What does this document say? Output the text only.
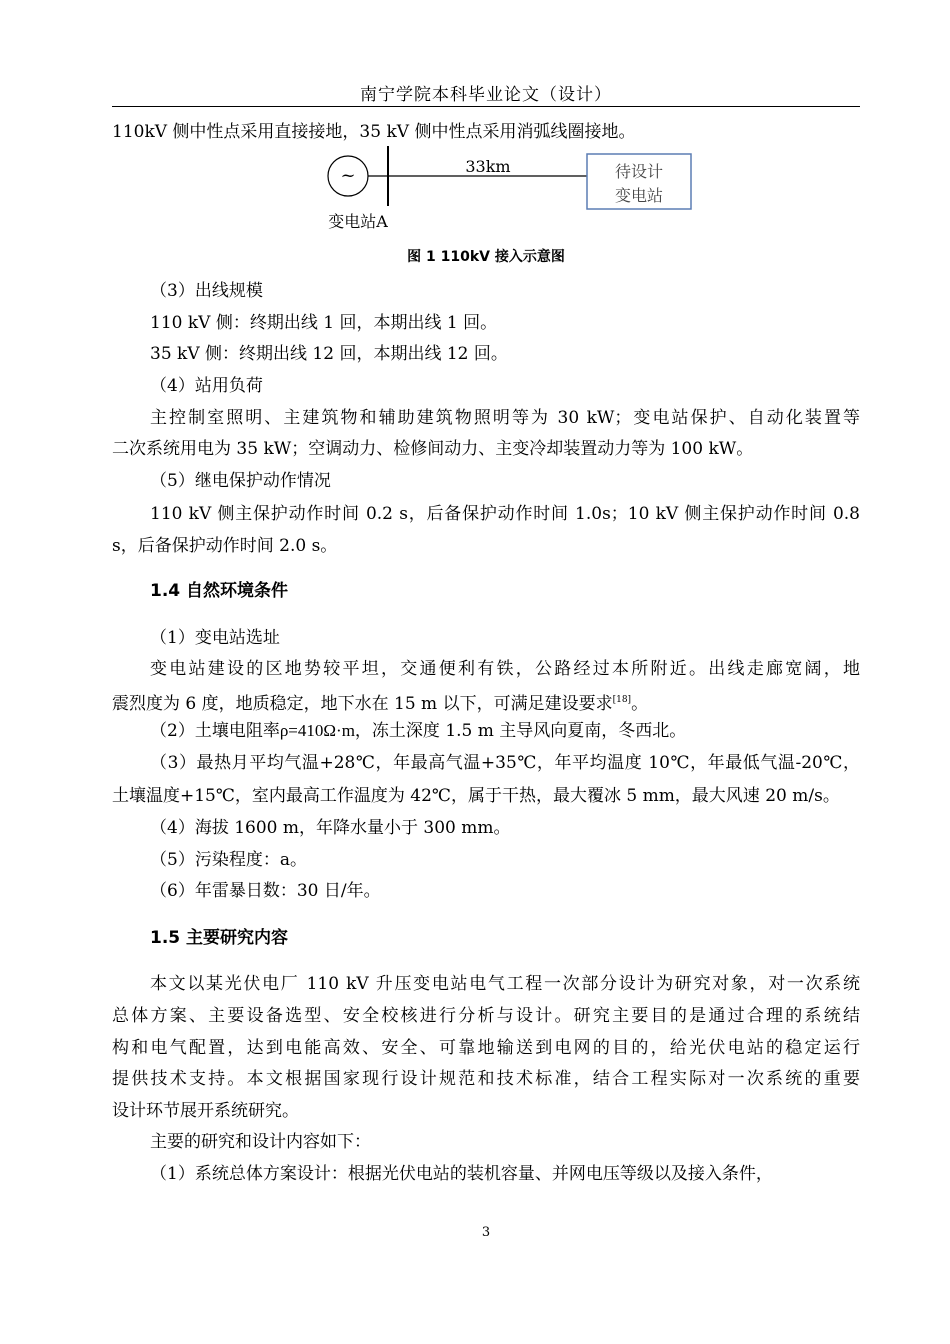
南宁学院本科毕业论文（设计）
110kV 侧中性点采用直接接地，35 kV 侧中性点采用消弧线圈接地。
~	33km	待设计
变电站
变电站A
图 1 110kV 接入示意图
（3）出线规模
110 kV 侧：终期出线 1 回，本期出线 1 回。
35 kV 侧：终期出线 12 回，本期出线 12 回。
（4）站用负荷
主控制室照明、主建筑物和辅助建筑物照明等为 30 kW；变电站保护、自动化装置等
二次系统用电为 35 kW；空调动力、检修间动力、主变冷却装置动力等为 100 kW。
（5）继电保护动作情况
110 kV 侧主保护动作时间 0.2 s，后备保护动作时间 1.0s；10 kV 侧主保护动作时间 0.8
s，后备保护动作时间 2.0 s。
1.4 自然环境条件
（1）变电站选址
变电站建设的区地势较平坦，交通便利有铁，公路经过本所附近。出线走廊宽阔，地
震烈度为 6 度，地质稳定，地下水在 15 m 以下，可满足建设要求[18]。
（2）土壤电阻率ρ=410Ω·m，冻土深度 1.5 m 主导风向夏南，冬西北。
（3）最热月平均气温+28℃，年最高气温+35℃，年平均温度 10℃，年最低气温-20℃，
土壤温度+15℃，室内最高工作温度为 42℃，属于干热，最大覆冰 5 mm，最大风速 20 m/s。
（4）海拔 1600 m，年降水量小于 300 mm。
（5）污染程度：a。
（6）年雷暴日数：30 日/年。
1.5 主要研究内容
本文以某光伏电厂 110 kV 升压变电站电气工程一次部分设计为研究对象，对一次系统
总体方案、主要设备选型、安全校核进行分析与设计。研究主要目的是通过合理的系统结
构和电气配置，达到电能高效、安全、可靠地输送到电网的目的，给光伏电站的稳定运行
提供技术支持。本文根据国家现行设计规范和技术标准，结合工程实际对一次系统的重要
设计环节展开系统研究。
主要的研究和设计内容如下：
（1）系统总体方案设计：根据光伏电站的装机容量、并网电压等级以及接入条件，
3
